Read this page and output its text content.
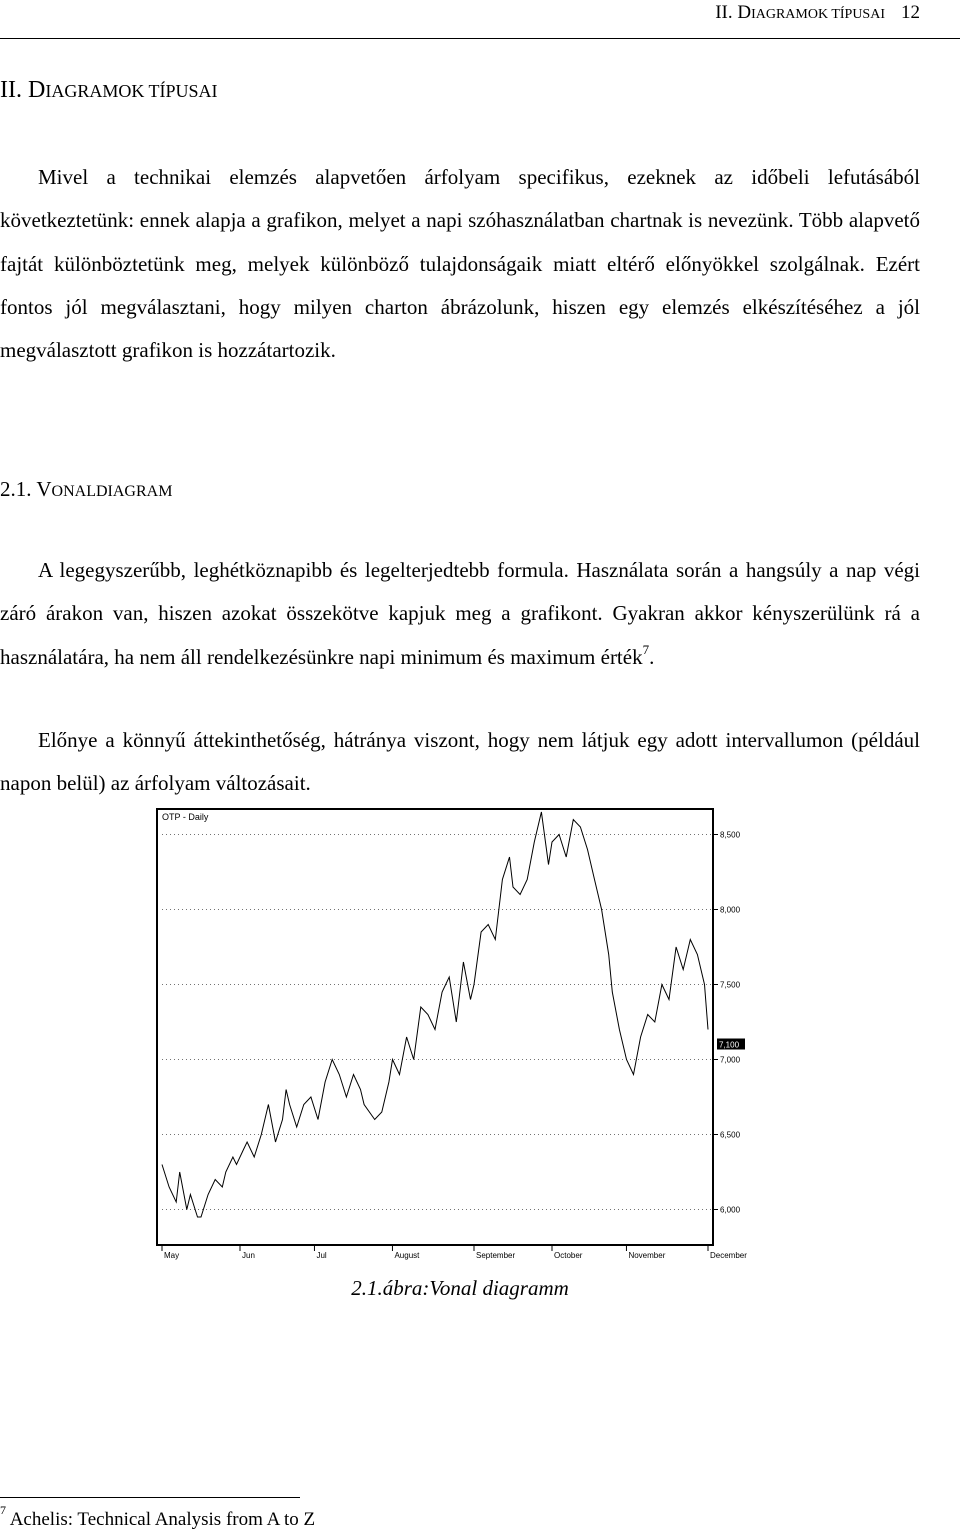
II. DIAGRAMOK TÍPUSAI 12
II. DIAGRAMOK TÍPUSAI

Mivel a technikai elemzés alapvetően árfolyam specifikus, ezeknek az időbeli lefutásából következtetünk: ennek alapja a grafikon, melyet a napi szóhasználatban chartnak is nevezünk. Több alapvető fajtát különböztetünk meg, melyek különböző tulajdonságaik miatt eltérő előnyökkel szolgálnak. Ezért fontos jól megválasztani, hogy milyen charton ábrázolunk, hiszen egy elemzés elkészítéséhez a jól megválasztott grafikon is hozzátartozik.

2.1. VONALDIAGRAM

A legegyszerűbb, leghétköznapibb és legelterjedtebb formula. Használata során a hangsúly a nap végi záró árakon van, hiszen azokat összekötve kapjuk meg a grafikont. Gyakran akkor kényszerülünk rá a használatára, ha nem áll rendelkezésünkre napi minimum és maximum érték$^7$.

Előnye a könnyű áttekinthetőség, hátránya viszont, hogy nem látjuk egy adott intervallumon (például napon belül) az árfolyam változásait.

OTP - Daily
May	Jun	Jul	August	September	October	November	December
6,000
6,500
7,000
7,500
8,000
8,500
7,100
2.1.ábra:Vonal diagramm
$^7$ Achelis: Technical Analysis from A to Z
